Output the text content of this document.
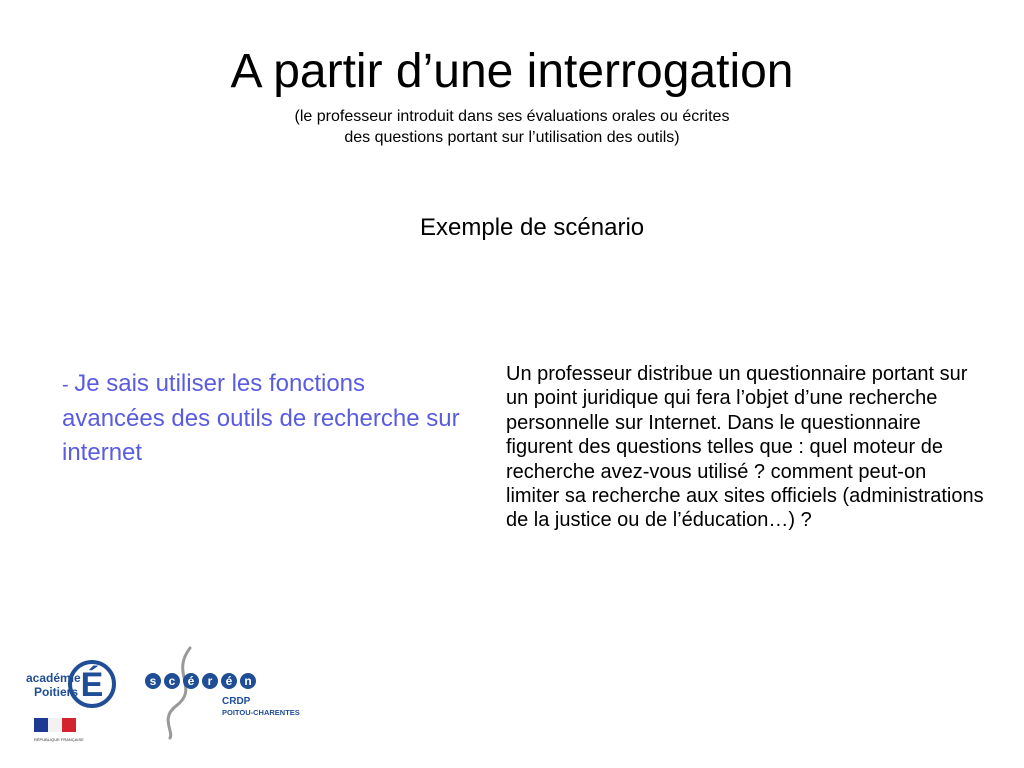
A partir d’une interrogation
(le professeur introduit dans ses évaluations orales ou écrites
des questions portant sur l’utilisation des outils)
Exemple de scénario
- Je sais utiliser les fonctions avancées des outils de recherche sur internet
Un professeur distribue un questionnaire portant sur un point juridique qui fera l’objet d’une recherche personnelle sur Internet. Dans le questionnaire figurent des questions telles que : quel moteur de recherche avez-vous utilisé ? comment peut-on limiter sa recherche aux sites officiels (administrations de la justice ou de l’éducation…) ?
É
académie
Poitiers
RÉPUBLIQUE FRANÇAISE
s c é r é n
CRDP
POITOU-CHARENTES
